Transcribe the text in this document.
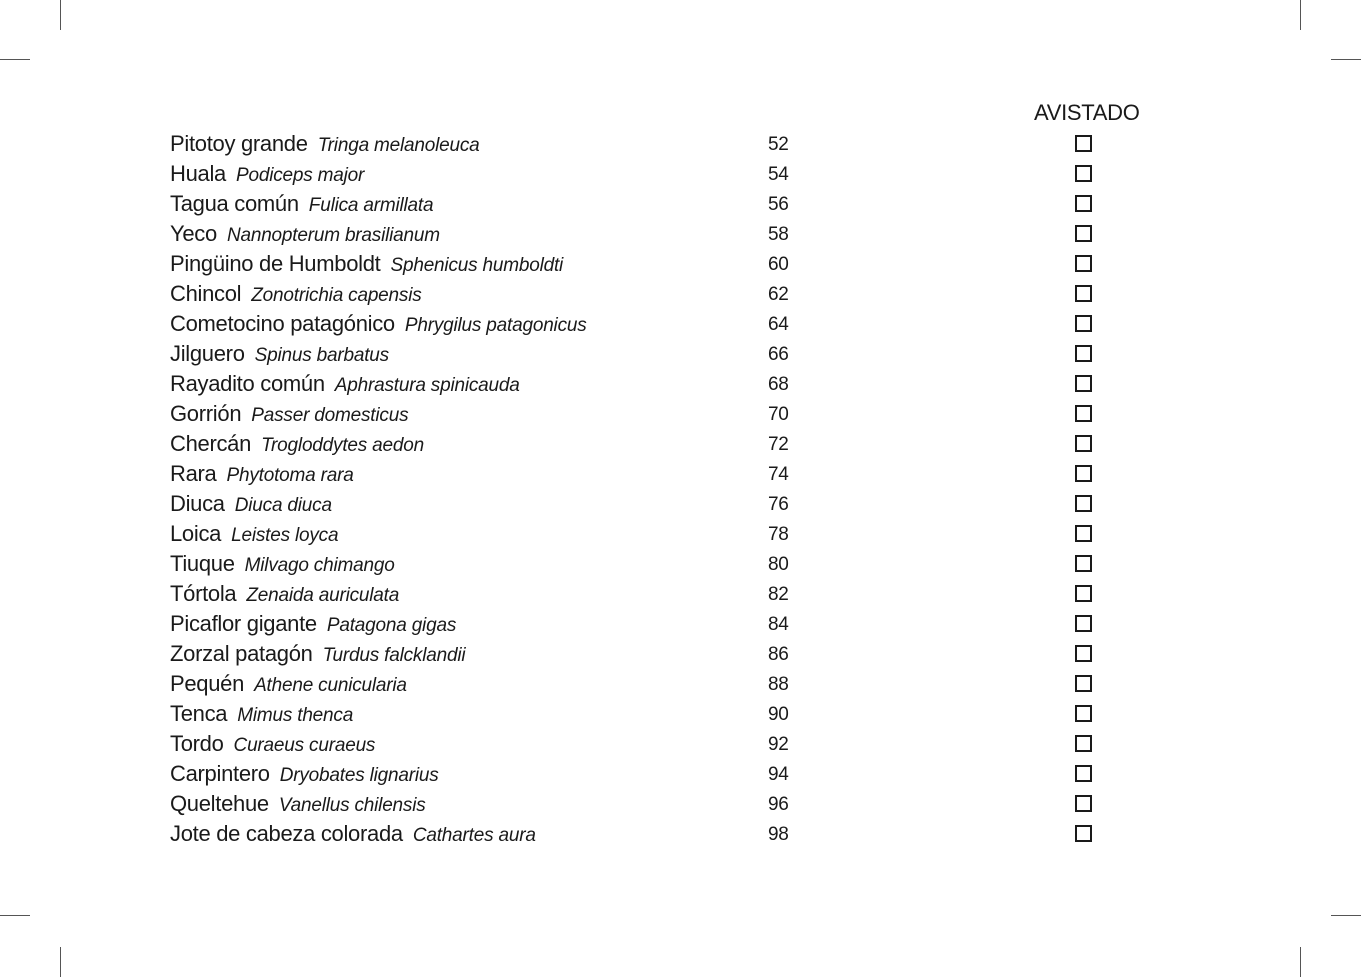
AVISTADO
Pitotoy grande Tringa melanoleuca	52
Huala Podiceps major	54
Tagua común Fulica armillata	56
Yeco Nannopterum brasilianum	58
Pingüino de Humboldt Sphenicus humboldti	60
Chincol Zonotrichia capensis	62
Cometocino patagónico Phrygilus patagonicus	64
Jilguero Spinus barbatus	66
Rayadito común Aphrastura spinicauda	68
Gorrión Passer domesticus	70
Chercán Trogloddytes aedon	72
Rara Phytotoma rara	74
Diuca Diuca diuca	76
Loica Leistes loyca	78
Tiuque Milvago chimango	80
Tórtola Zenaida auriculata	82
Picaflor gigante Patagona gigas	84
Zorzal patagón Turdus falcklandii	86
Pequén Athene cunicularia	88
Tenca Mimus thenca	90
Tordo Curaeus curaeus	92
Carpintero Dryobates lignarius	94
Queltehue Vanellus chilensis	96
Jote de cabeza colorada Cathartes aura	98
